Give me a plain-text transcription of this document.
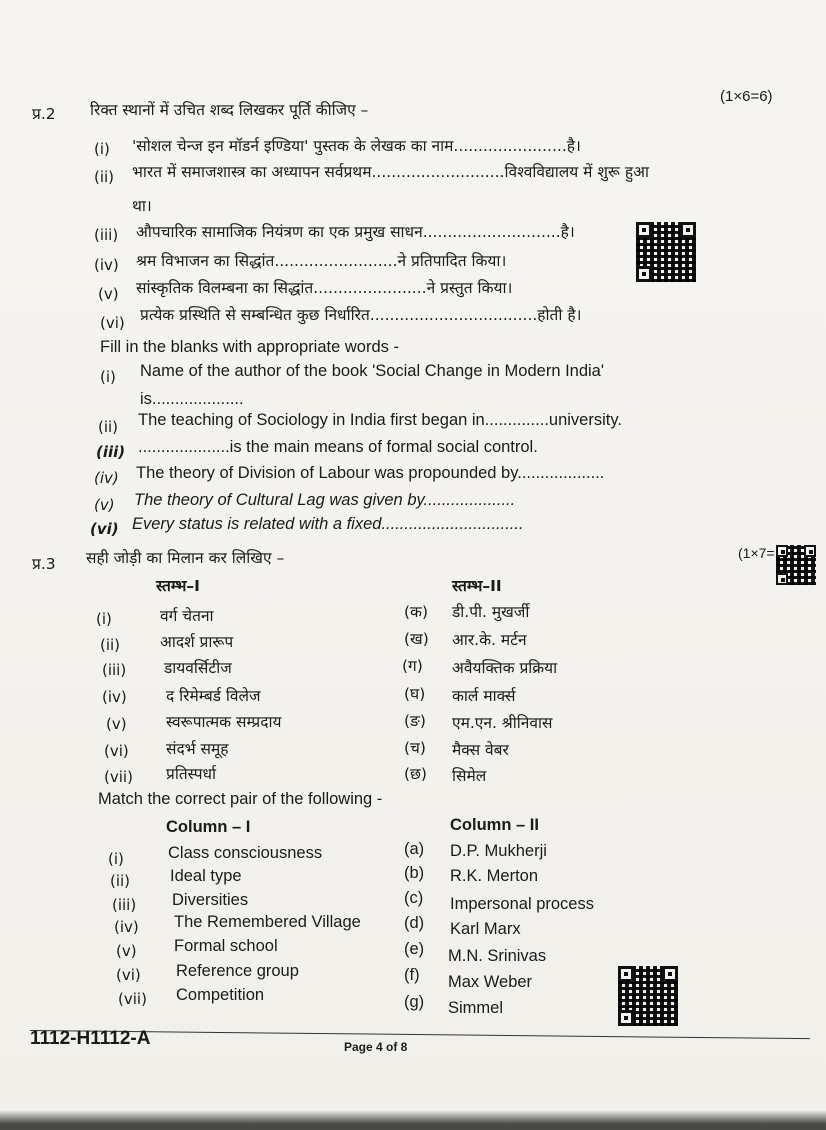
प्र.2 रिक्त स्थानों में उचित शब्द लिखकर पूर्ति कीजिए –
(1×6=6)
(i) 'सोशल चेन्ज इन मॉडर्न इण्डिया' पुस्तक के लेखक का नाम.......................है।
(ii) भारत में समाजशास्त्र का अध्यापन सर्वप्रथम...........................विश्वविद्यालय में शुरू हुआ
था।
(iii) औपचारिक सामाजिक नियंत्रण का एक प्रमुख साधन............................है।
(iv) श्रम विभाजन का सिद्धांत.........................ने प्रतिपादित किया।
(v) सांस्कृतिक विलम्बना का सिद्धांत.......................ने प्रस्तुत किया।
(vi) प्रत्येक प्रस्थिति से सम्बन्धित कुछ निर्धारित..................................होती है।
Fill in the blanks with appropriate words -
(i) Name of the author of the book 'Social Change in Modern India'
is....................
(ii) The teaching of Sociology in India first began in..............university.
(iii) ....................is the main means of formal social control.
(iv) The theory of Division of Labour was propounded by...................
(v) The theory of Cultural Lag was given by....................
(vi) Every status is related with a fixed...............................
प्र.3 सही जोड़ी का मिलान कर लिखिए –	(1×7=
स्तम्भ–I	स्तम्भ–II
(i)	वर्ग चेतना	(क) डी.पी. मुखर्जी
(ii)	आदर्श प्रारूप	(ख) आर.के. मर्टन
(iii) डायवर्सिटीज	(ग) अवैयक्तिक प्रक्रिया
(iv)	द रिमेम्बर्ड विलेज	(घ) कार्ल मार्क्स
(v)	स्वरूपात्मक सम्प्रदाय	(ङ) एम.एन. श्रीनिवास
(vi) संदर्भ समूह	(च) मैक्स वेबर
(vii) प्रतिस्पर्धा	(छ) सिमेल
Match the correct pair of the following -
Column – I	Column – II
(i)	Class consciousness	(a) D.P. Mukherji
(ii) Ideal type	(b) R.K. Merton
(iii) Diversities	(c) Impersonal process
(iv) The Remembered Village	(d) Karl Marx
(v) Formal school	(e) M.N. Srinivas
(vi) Reference group	(f) Max Weber
(vii) Competition	(g) Simmel
1112-H1112-A	Page 4 of 8
